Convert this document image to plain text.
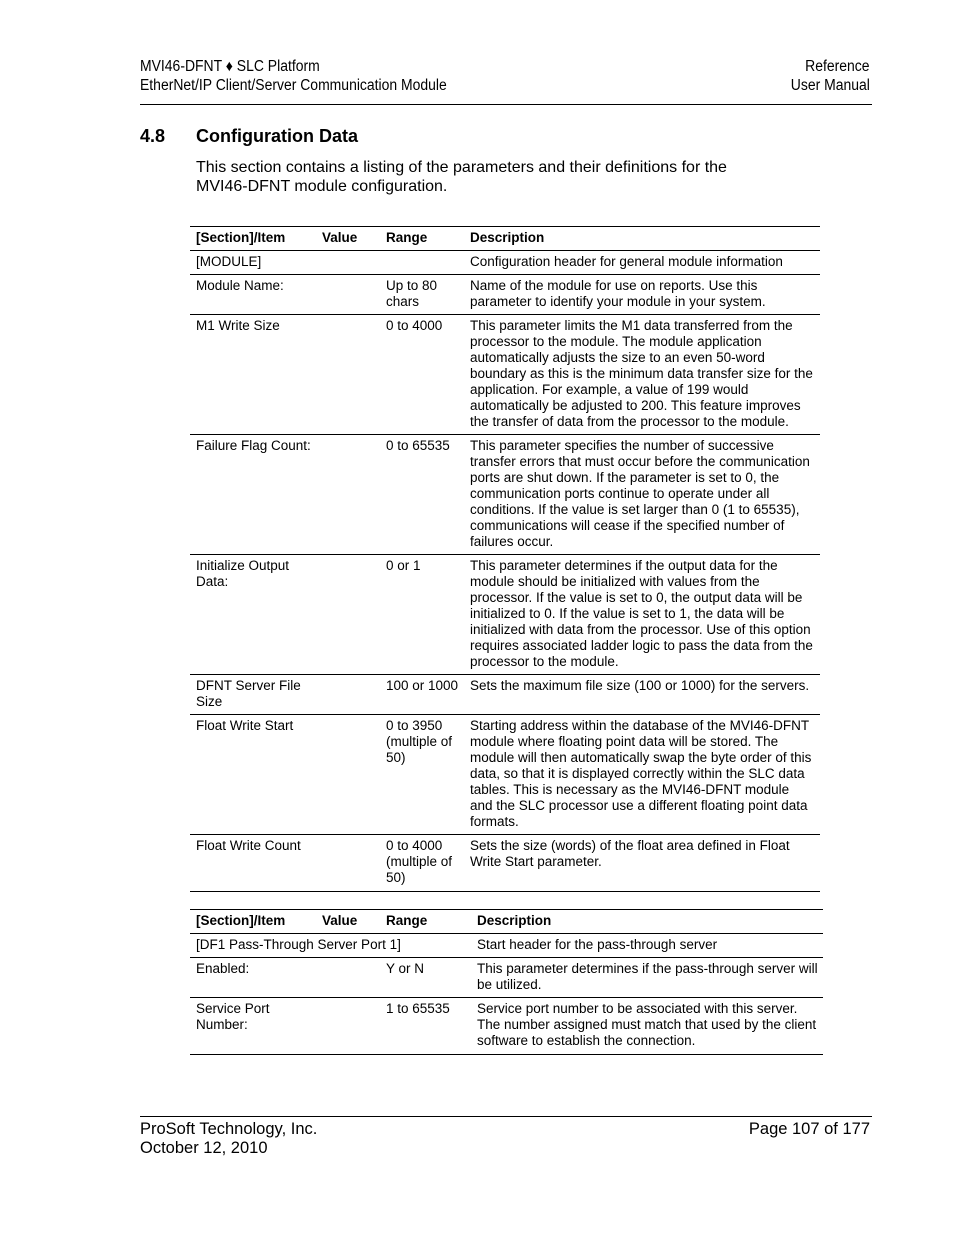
MVI46-DFNT ♦ SLC Platform
EtherNet/IP Client/Server Communication Module
Reference
User Manual
4.8 Configuration Data
This section contains a listing of the parameters and their definitions for the
MVI46-DFNT module configuration.
[Section]/Item	Value	Range	Description
[MODULE]			Configuration header for general module information
Module Name:		Up to 80 chars	Name of the module for use on reports. Use this parameter to identify your module in your system.
M1 Write Size		0 to 4000	This parameter limits the M1 data transferred from the processor to the module. The module application automatically adjusts the size to an even 50-word boundary as this is the minimum data transfer size for the application. For example, a value of 199 would automatically be adjusted to 200. This feature improves the transfer of data from the processor to the module.
Failure Flag Count:		0 to 65535	This parameter specifies the number of successive transfer errors that must occur before the communication ports are shut down. If the parameter is set to 0, the communication ports continue to operate under all conditions. If the value is set larger than 0 (1 to 65535), communications will cease if the specified number of failures occur.
Initialize Output Data:		0 or 1	This parameter determines if the output data for the module should be initialized with values from the processor. If the value is set to 0, the output data will be initialized to 0. If the value is set to 1, the data will be initialized with data from the processor. Use of this option requires associated ladder logic to pass the data from the processor to the module.
DFNT Server File Size		100 or 1000	Sets the maximum file size (100 or 1000) for the servers.
Float Write Start		0 to 3950 (multiple of 50)	Starting address within the database of the MVI46-DFNT module where floating point data will be stored. The module will then automatically swap the byte order of this data, so that it is displayed correctly within the SLC data tables. This is necessary as the MVI46-DFNT module and the SLC processor use a different floating point data formats.
Float Write Count		0 to 4000 (multiple of 50)	Sets the size (words) of the float area defined in Float Write Start parameter.
[Section]/Item	Value	Range	Description
[DF1 Pass-Through Server Port 1]			Start header for the pass-through server
Enabled:		Y or N	This parameter determines if the pass-through server will be utilized.
Service Port Number:		1 to 65535	Service port number to be associated with this server. The number assigned must match that used by the client software to establish the connection.
ProSoft Technology, Inc.
October 12, 2010
Page 107 of 177
